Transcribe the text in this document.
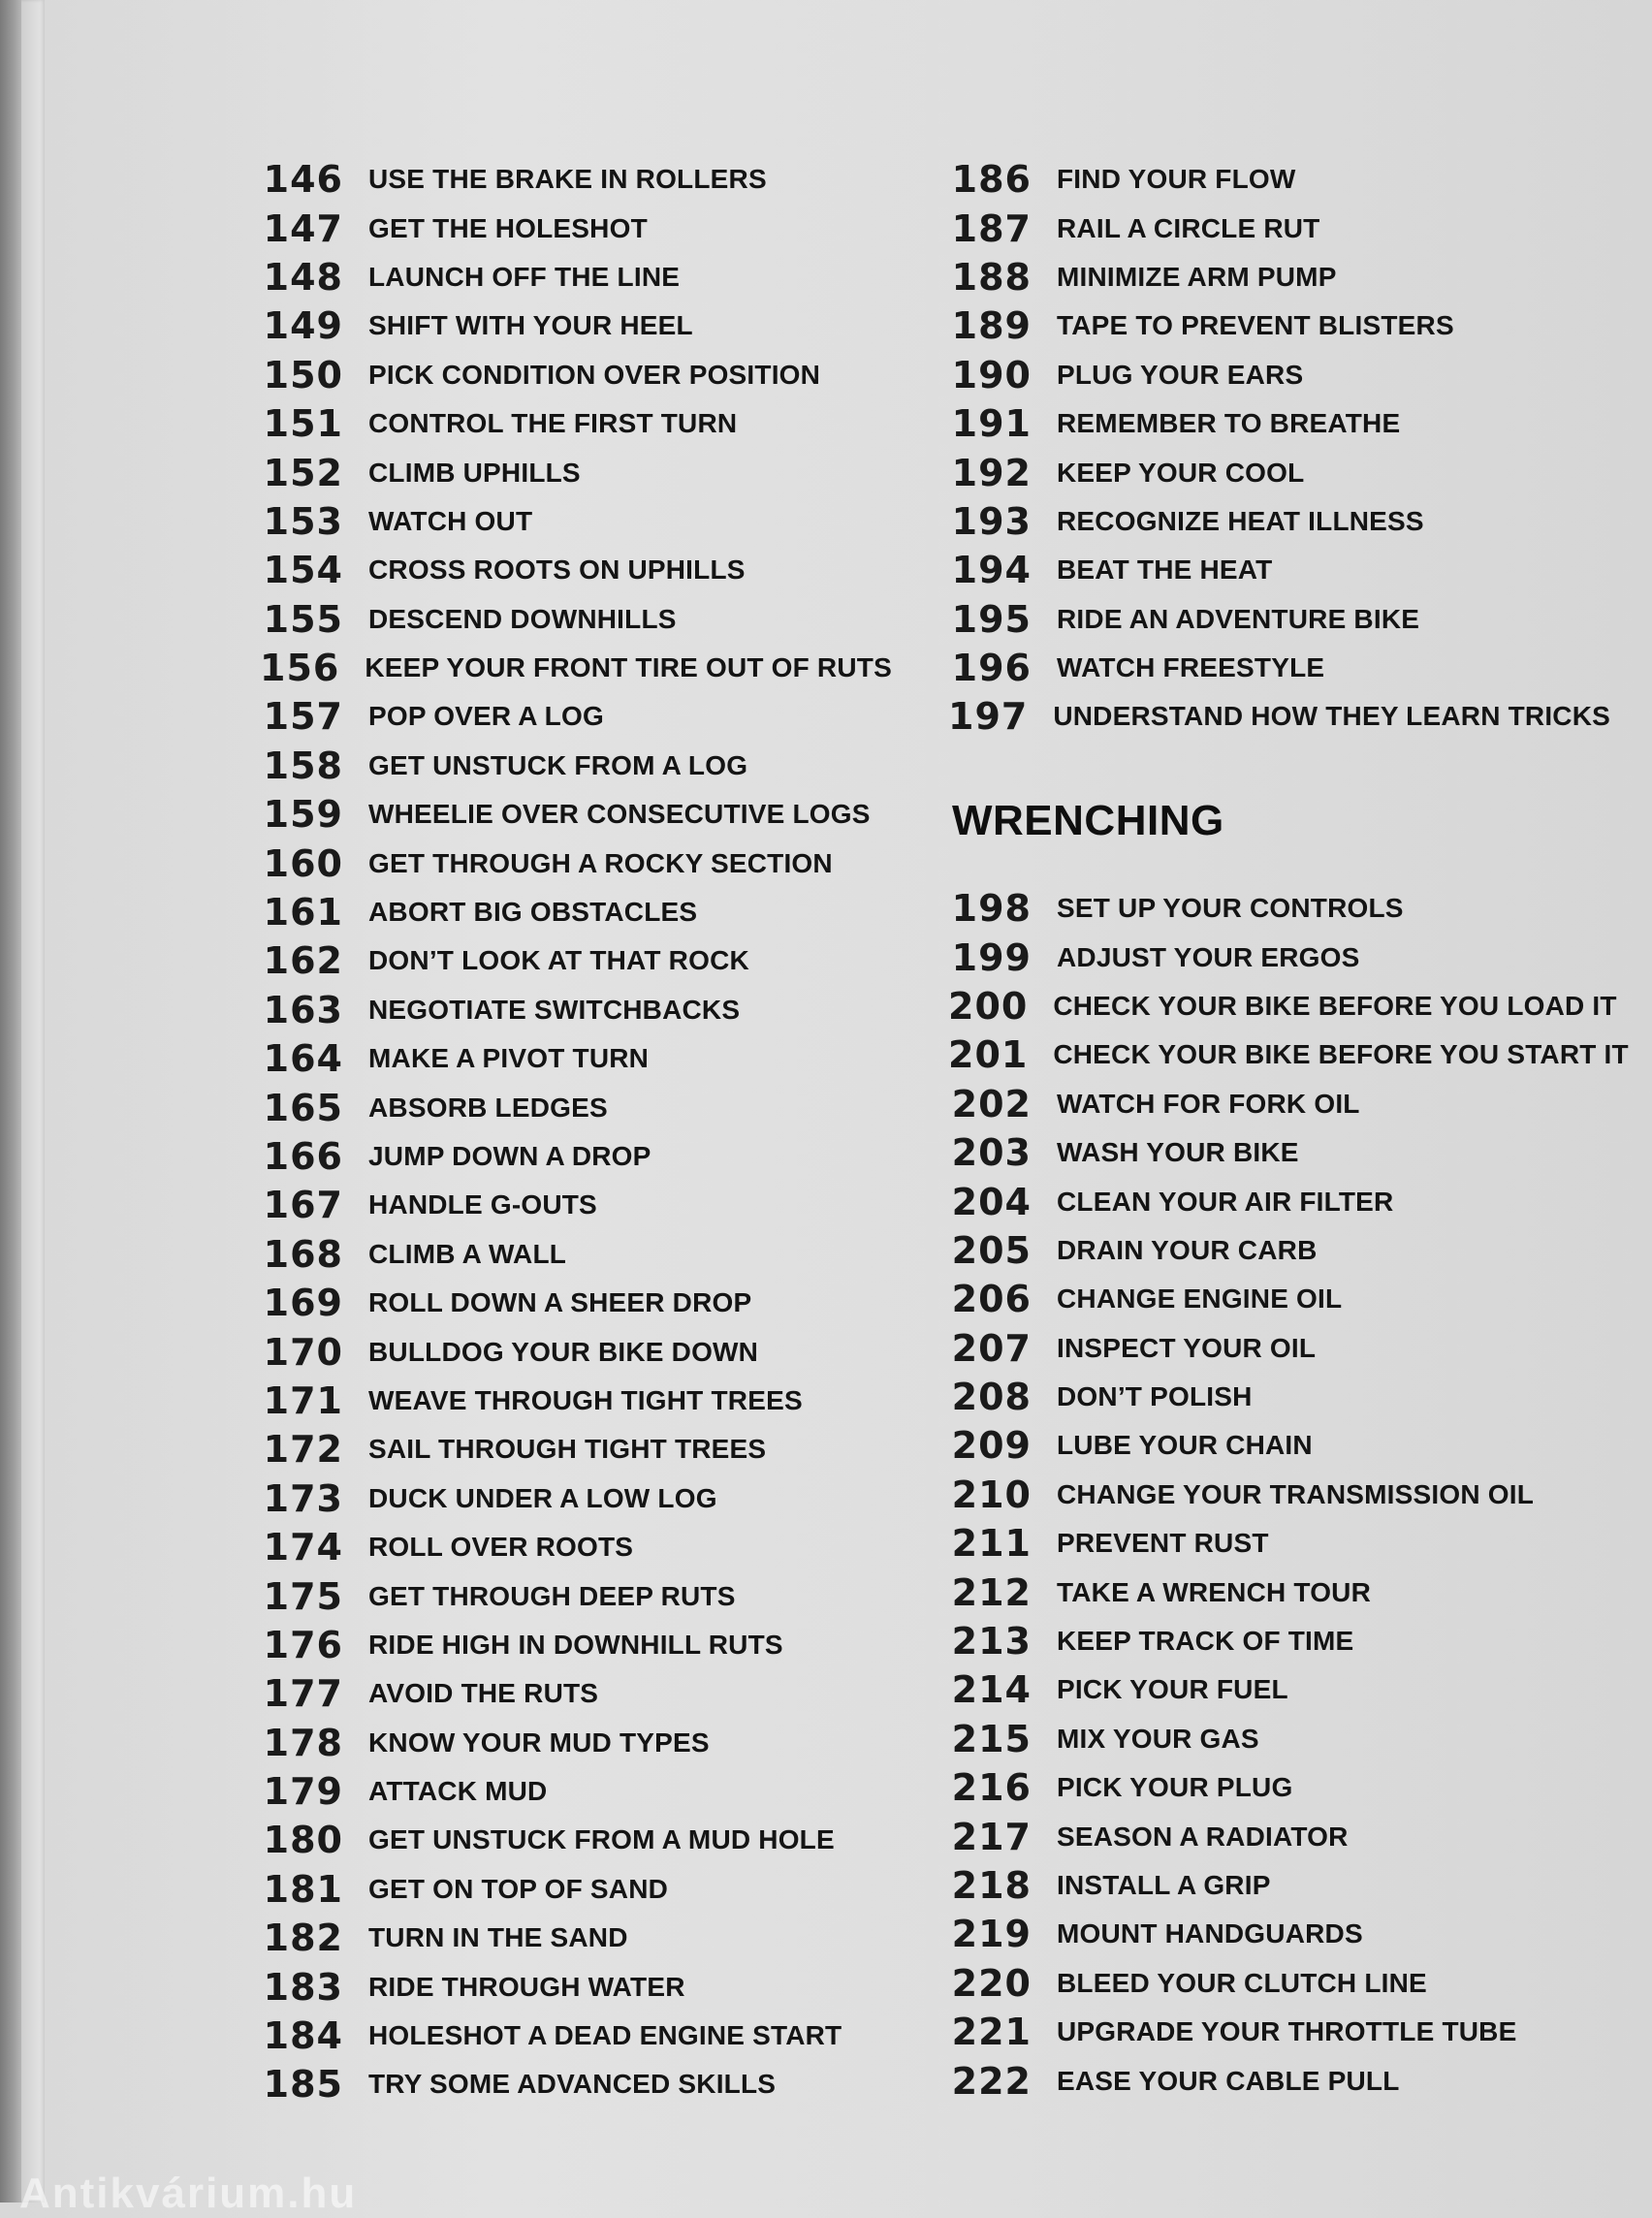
146 USE THE BRAKE IN ROLLERS
147 GET THE HOLESHOT
148 LAUNCH OFF THE LINE
149 SHIFT WITH YOUR HEEL
150 PICK CONDITION OVER POSITION
151 CONTROL THE FIRST TURN
152 CLIMB UPHILLS
153 WATCH OUT
154 CROSS ROOTS ON UPHILLS
155 DESCEND DOWNHILLS
156 KEEP YOUR FRONT TIRE OUT OF RUTS
157 POP OVER A LOG
158 GET UNSTUCK FROM A LOG
159 WHEELIE OVER CONSECUTIVE LOGS
160 GET THROUGH A ROCKY SECTION
161 ABORT BIG OBSTACLES
162 DON’T LOOK AT THAT ROCK
163 NEGOTIATE SWITCHBACKS
164 MAKE A PIVOT TURN
165 ABSORB LEDGES
166 JUMP DOWN A DROP
167 HANDLE G-OUTS
168 CLIMB A WALL
169 ROLL DOWN A SHEER DROP
170 BULLDOG YOUR BIKE DOWN
171 WEAVE THROUGH TIGHT TREES
172 SAIL THROUGH TIGHT TREES
173 DUCK UNDER A LOW LOG
174 ROLL OVER ROOTS
175 GET THROUGH DEEP RUTS
176 RIDE HIGH IN DOWNHILL RUTS
177 AVOID THE RUTS
178 KNOW YOUR MUD TYPES
179 ATTACK MUD
180 GET UNSTUCK FROM A MUD HOLE
181 GET ON TOP OF SAND
182 TURN IN THE SAND
183 RIDE THROUGH WATER
184 HOLESHOT A DEAD ENGINE START
185 TRY SOME ADVANCED SKILLS
186 FIND YOUR FLOW
187 RAIL A CIRCLE RUT
188 MINIMIZE ARM PUMP
189 TAPE TO PREVENT BLISTERS
190 PLUG YOUR EARS
191 REMEMBER TO BREATHE
192 KEEP YOUR COOL
193 RECOGNIZE HEAT ILLNESS
194 BEAT THE HEAT
195 RIDE AN ADVENTURE BIKE
196 WATCH FREESTYLE
197 UNDERSTAND HOW THEY LEARN TRICKS
WRENCHING
198 SET UP YOUR CONTROLS
199 ADJUST YOUR ERGOS
200 CHECK YOUR BIKE BEFORE YOU LOAD IT
201 CHECK YOUR BIKE BEFORE YOU START IT
202 WATCH FOR FORK OIL
203 WASH YOUR BIKE
204 CLEAN YOUR AIR FILTER
205 DRAIN YOUR CARB
206 CHANGE ENGINE OIL
207 INSPECT YOUR OIL
208 DON’T POLISH
209 LUBE YOUR CHAIN
210 CHANGE YOUR TRANSMISSION OIL
211 PREVENT RUST
212 TAKE A WRENCH TOUR
213 KEEP TRACK OF TIME
214 PICK YOUR FUEL
215 MIX YOUR GAS
216 PICK YOUR PLUG
217 SEASON A RADIATOR
218 INSTALL A GRIP
219 MOUNT HANDGUARDS
220 BLEED YOUR CLUTCH LINE
221 UPGRADE YOUR THROTTLE TUBE
222 EASE YOUR CABLE PULL
Antikvárium.hu
